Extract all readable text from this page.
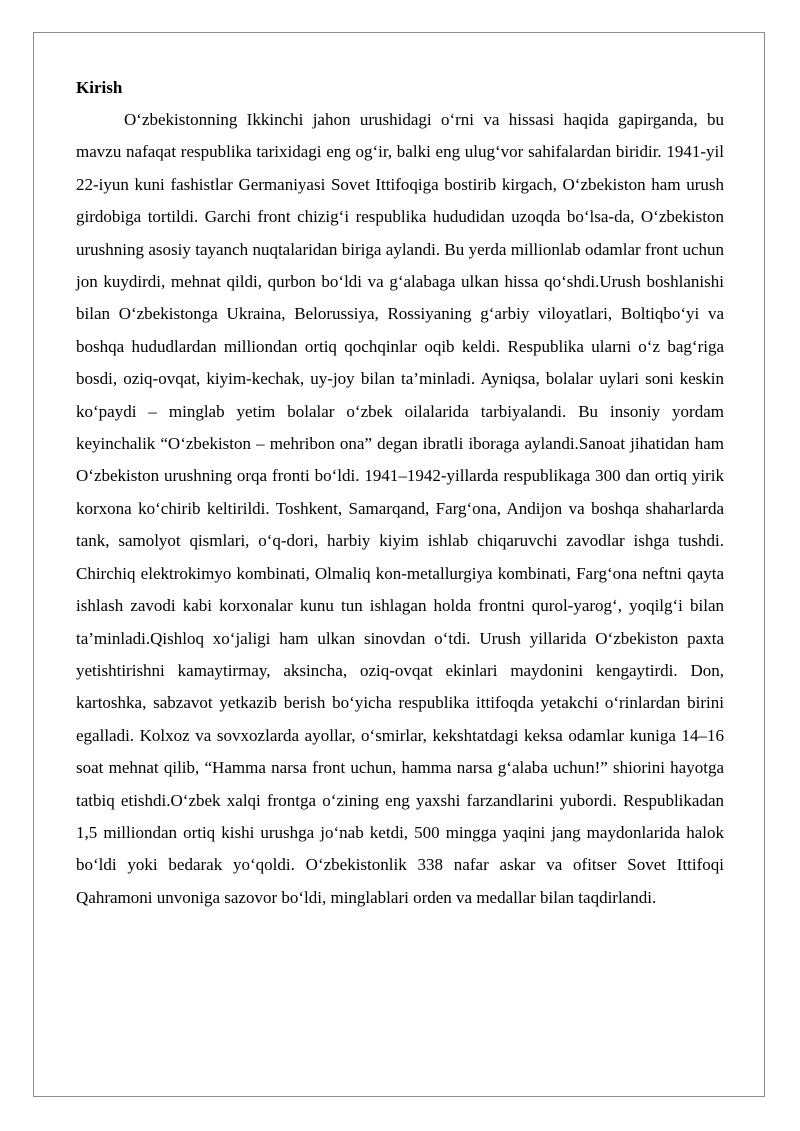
Kirish

O‘zbekistonning Ikkinchi jahon urushidagi o‘rni va hissasi haqida gapirganda, bu mavzu nafaqat respublika tarixidagi eng og‘ir, balki eng ulug‘vor sahifalardan biridir. 1941-yil 22-iyun kuni fashistlar Germaniyasi Sovet Ittifoqiga bostirib kirgach, O‘zbekiston ham urush girdobiga tortildi. Garchi front chizig‘i respublika hududidan uzoqda bo‘lsa-da, O‘zbekiston urushning asosiy tayanch nuqtalaridan biriga aylandi. Bu yerda millionlab odamlar front uchun jon kuydirdi, mehnat qildi, qurbon bo‘ldi va g‘alabaga ulkan hissa qo‘shdi.Urush boshlanishi bilan O‘zbekistonga Ukraina, Belorussiya, Rossiyaning g‘arbiy viloyatlari, Boltiqbo‘yi va boshqa hududlardan milliondan ortiq qochqinlar oqib keldi. Respublika ularni o‘z bag‘riga bosdi, oziq-ovqat, kiyim-kechak, uy-joy bilan ta’minladi. Ayniqsa, bolalar uylari soni keskin ko‘paydi – minglab yetim bolalar o‘zbek oilalarida tarbiyalandi. Bu insoniy yordam keyinchalik “O‘zbekiston – mehribon ona” degan ibratli iboraga aylandi.Sanoat jihatidan ham O‘zbekiston urushning orqa fronti bo‘ldi. 1941–1942-yillarda respublikaga 300 dan ortiq yirik korxona ko‘chirib keltirildi. Toshkent, Samarqand, Farg‘ona, Andijon va boshqa shaharlarda tank, samolyot qismlari, o‘q-dori, harbiy kiyim ishlab chiqaruvchi zavodlar ishga tushdi. Chirchiq elektrokimyo kombinati, Olmaliq kon-metallurgiya kombinati, Farg‘ona neftni qayta ishlash zavodi kabi korxonalar kunu tun ishlagan holda frontni qurol-yarog‘, yoqilg‘i bilan ta’minladi.Qishloq xo‘jaligi ham ulkan sinovdan o‘tdi. Urush yillarida O‘zbekiston paxta yetishtirishni kamaytirmay, aksincha, oziq-ovqat ekinlari maydonini kengaytirdi. Don, kartoshka, sabzavot yetkazib berish bo‘yicha respublika ittifoqda yetakchi o‘rinlardan birini egalladi. Kolxoz va sovxozlarda ayollar, o‘smirlar, kekshtatdagi keksa odamlar kuniga 14–16 soat mehnat qilib, “Hamma narsa front uchun, hamma narsa g‘alaba uchun!” shiorini hayotga tatbiq etishdi.O‘zbek xalqi frontga o‘zining eng yaxshi farzandlarini yubordi. Respublikadan 1,5 milliondan ortiq kishi urushga jo‘nab ketdi, 500 mingga yaqini jang maydonlarida halok bo‘ldi yoki bedarak yo‘qoldi. O‘zbekistonlik 338 nafar askar va ofitser Sovet Ittifoqi Qahramoni unvoniga sazovor bo‘ldi, minglablari orden va medallar bilan taqdirlandi.
